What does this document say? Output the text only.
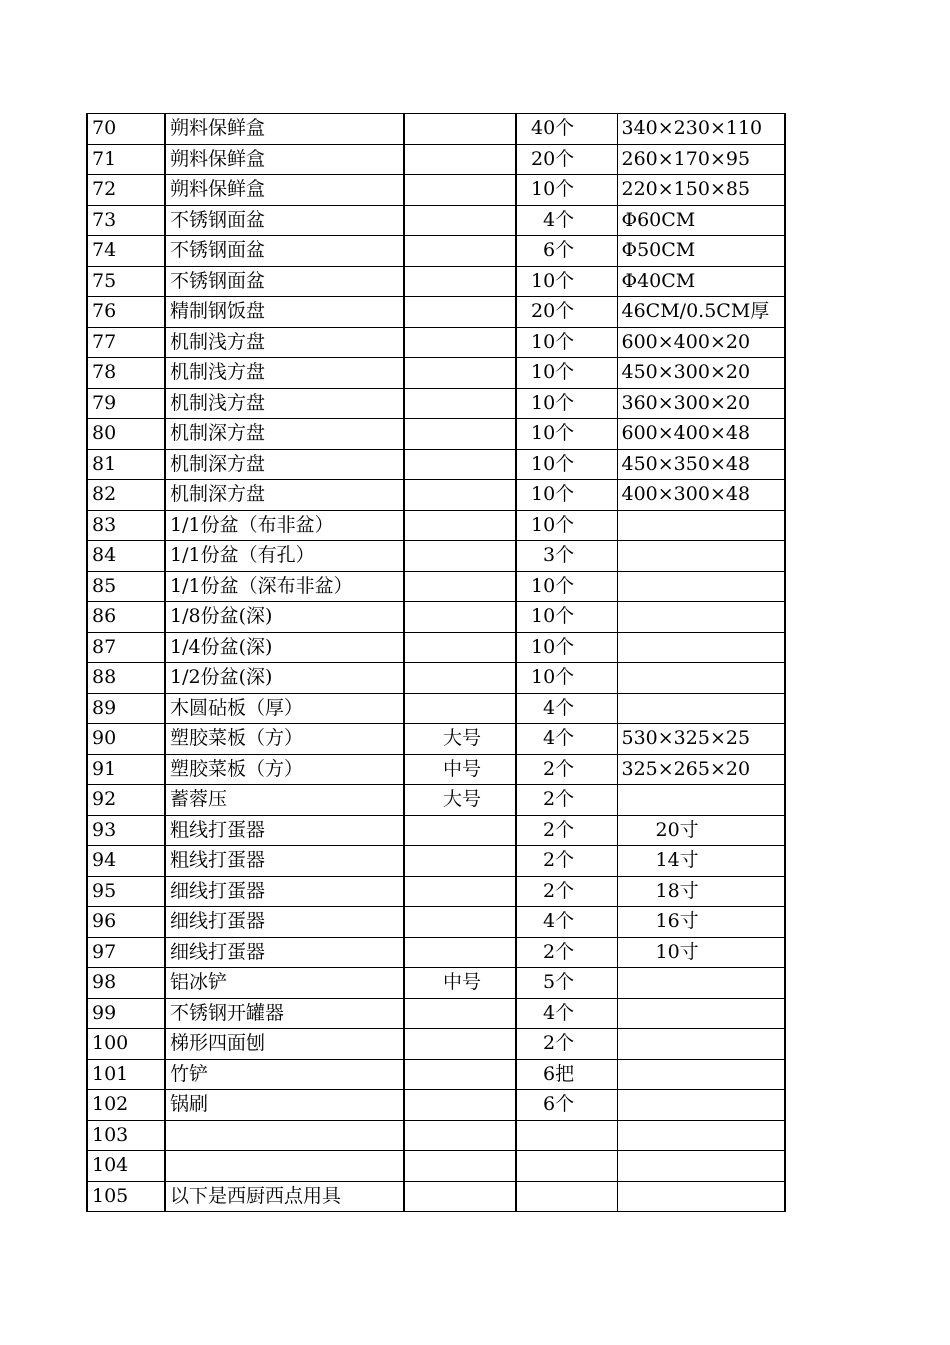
70	朔料保鲜盒		40个	340×230×110
71	朔料保鲜盒		20个	260×170×95
72	朔料保鲜盒		10个	220×150×85
73	不锈钢面盆		4个	Φ60CM
74	不锈钢面盆		6个	Φ50CM
75	不锈钢面盆		10个	Φ40CM
76	精制钢饭盘		20个	46CM/0.5CM厚
77	机制浅方盘		10个	600×400×20
78	机制浅方盘		10个	450×300×20
79	机制浅方盘		10个	360×300×20
80	机制深方盘		10个	600×400×48
81	机制深方盘		10个	450×350×48
82	机制深方盘		10个	400×300×48
83	1/1份盆（布非盆）		10个	
84	1/1份盆（有孔）		3个	
85	1/1份盆（深布非盆）		10个	
86	1/8份盆(深)		10个	
87	1/4份盆(深)		10个	
88	1/2份盆(深)		10个	
89	木圆砧板（厚）		4个	
90	塑胶菜板（方）	大号	4个	530×325×25
91	塑胶菜板（方）	中号	2个	325×265×20
92	蓄蓉压	大号	2个	
93	粗线打蛋器		2个	20寸
94	粗线打蛋器		2个	14寸
95	细线打蛋器		2个	18寸
96	细线打蛋器		4个	16寸
97	细线打蛋器		2个	10寸
98	铝冰铲	中号	5个	
99	不锈钢开罐器		4个	
100	梯形四面刨		2个	
101	竹铲		6把	
102	锅刷		6个	
103				
104				
105	以下是西厨西点用具			
